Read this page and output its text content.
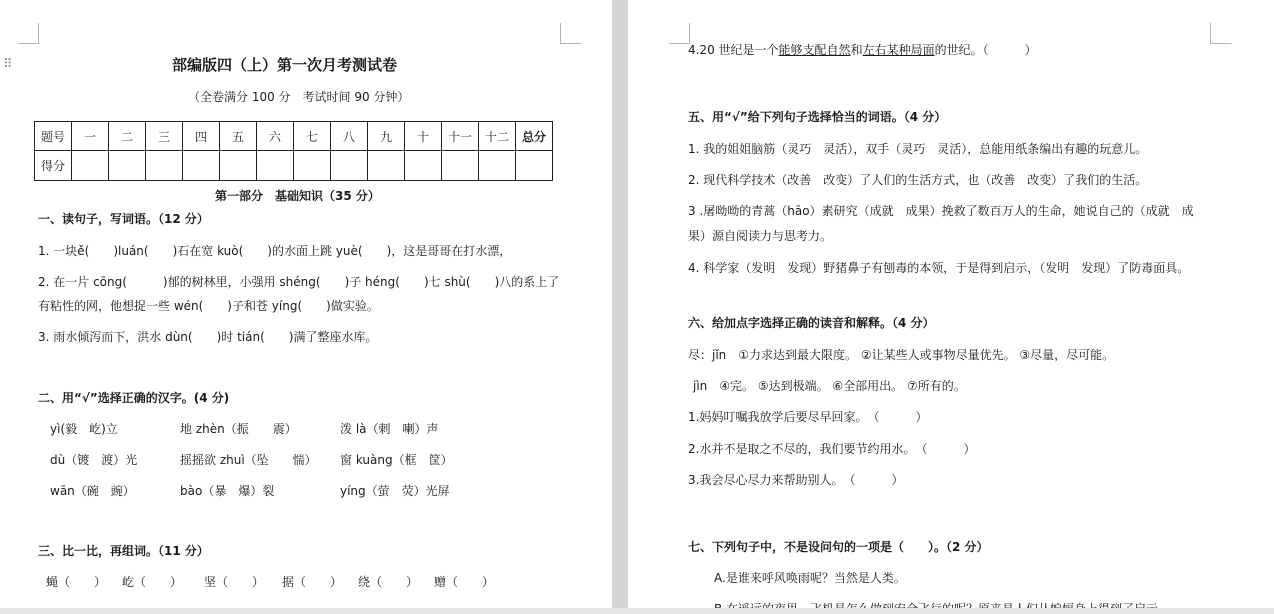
⠿	部编版四（上）第一次月考测试卷
（全卷满分 100 分　考试时间 90 分钟）
题号	一	二	三	四	五	六	七	八	九	十	十一	十二	总分
得分													
第一部分　基础知识（35 分）
一、读句子，写词语。（12 分）
1. 一块ě(　　)luán(　　)石在宽 kuò(　　)的水面上跳 yuè(　　)，这是哥哥在打水漂，
2. 在一片 cōng(　　　)郁的树林里，小强用 shéng(　　)子 héng(　　)七 shù(　　)八的系上了
有粘性的网，他想捉一些 wén(　　)子和苍 yíng(　　)做实验。
3. 雨水倾泻而下，洪水 dùn(　　)时 tián(　　)满了整座水库。
二、用“√”选择正确的汉字。(4 分)
yì(毅　屹)立	地 zhèn（振　　震）	泼 là（剌　喇）声
dù（镀　渡）光	摇摇欲 zhuì（坠　　惴） 窗 kuàng（框　筐）
wān（碗　豌）	bào（暴　爆）裂	yíng（萤　荧）光屏
三、比一比，再组词。（11 分）
蝇（　　） 屹（　　） 坚（　　） 据（　　） 绕（　　） 赠（　　）
4.20 世纪是一个能够支配自然和左右某种局面的世纪。（　　　）
五、用“√”给下列句子选择恰当的词语。（4 分）
1. 我的姐姐脑筋（灵巧　灵活），双手（灵巧　灵活），总能用纸条编出有趣的玩意儿。
2. 现代科学技术（改善　改变）了人们的生活方式，也（改善　改变）了我们的生活。
3 .屠呦呦的青蒿（hāo）素研究（成就　成果）挽救了数百万人的生命，她说自己的（成就　成
果）源自阅读力与思考力。
4. 科学家（发明　发现）野猪鼻子有刨毒的本领，于是得到启示，（发明　发现）了防毒面具。
六、给加点字选择正确的读音和解释。（4 分）
尽：jǐn　①力求达到最大限度。 ②让某些人或事物尽量优先。 ③尽量，尽可能。
jìn　④完。 ⑤达到极端。 ⑥全部用出。 ⑦所有的。
1.妈妈叮嘱我放学后要尽早回家。　（　　　）
2.水并不是取之不尽的，我们要节约用水。　（　　　）
3.我会尽心尽力来帮助别人。　（　　　）
七、下列句子中，不是设问句的一项是（　　）。（2 分）
A.是谁来呼风唤雨呢？当然是人类。
